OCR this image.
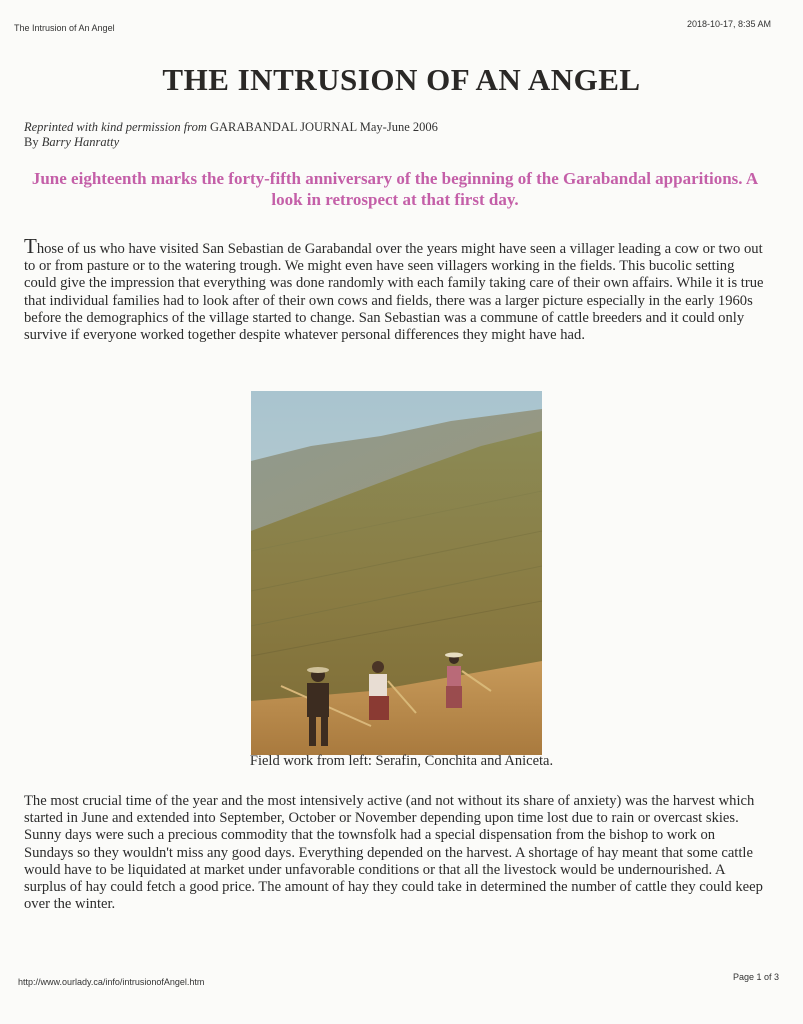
The Intrusion of An Angel	2018-10-17, 8:35 AM
THE INTRUSION OF AN ANGEL
Reprinted with kind permission from GARABANDAL JOURNAL May-June 2006
By Barry Hanratty
June eighteenth marks the forty-fifth anniversary of the beginning of the Garabandal apparitions. A look in retrospect at that first day.

Those of us who have visited San Sebastian de Garabandal over the years might have seen a villager leading a cow or two out to or from pasture or to the watering trough. We might even have seen villagers working in the fields. This bucolic setting could give the impression that everything was done randomly with each family taking care of their own affairs. While it is true that individual families had to look after of their own cows and fields, there was a larger picture especially in the early 1960s before the demographics of the village started to change. San Sebastian was a commune of cattle breeders and it could only survive if everyone worked together despite whatever personal differences they might have had.

Field work from left: Serafin, Conchita and Aniceta.

The most crucial time of the year and the most intensively active (and not without its share of anxiety) was the harvest which started in June and extended into September, October or November depending upon time lost due to rain or overcast skies. Sunny days were such a precious commodity that the townsfolk had a special dispensation from the bishop to work on Sundays so they wouldn't miss any good days. Everything depended on the harvest. A shortage of hay meant that some cattle would have to be liquidated at market under unfavorable conditions or that all the livestock would be undernourished. A surplus of hay could fetch a good price. The amount of hay they could take in determined the number of cattle they could keep over the winter.

http://www.ourlady.ca/info/intrusionofAngel.htm	Page 1 of 3
